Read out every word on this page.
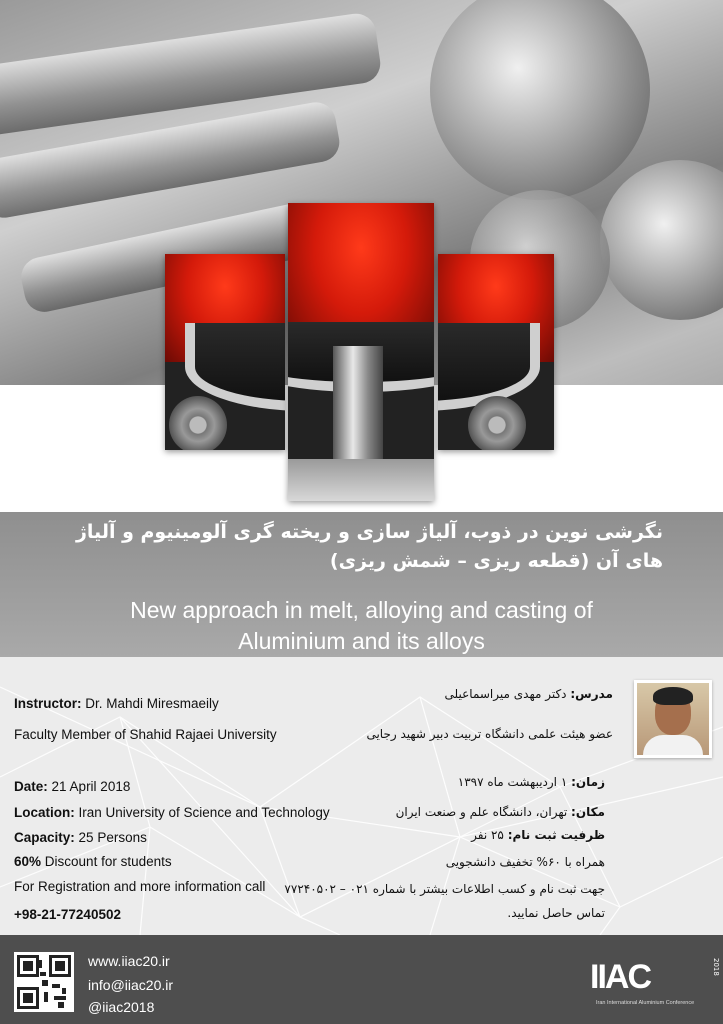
نگرشی نوین در ذوب، آلیاژ سازی و ریخته گری آلومینیوم و آلیاژ های آن (قطعه ریزی – شمش ریزی)
New approach in melt, alloying and casting of
Aluminium and its alloys
Instructor: Dr. Mahdi Miresmaeily
Faculty Member of Shahid Rajaei University
مدرس: دکتر مهدی میراسماعیلی
عضو هیئت علمی دانشگاه تربیت دبیر شهید رجایی
Date: 21 April 2018
Location: Iran University of Science and Technology
Capacity: 25 Persons
60% Discount for students
For Registration and more information call
+98-21-77240502
زمان: ۱ اردیبهشت ماه ۱۳۹۷
مکان: تهران، دانشگاه علم و صنعت ایران
ظرفیت ثبت نام: ۲۵ نفر
همراه با ۶۰% تخفیف دانشجویی
جهت ثبت نام و کسب اطلاعات بیشتر با شماره ۰۲۱ – ۷۷۲۴۰۵۰۲
تماس حاصل نمایید.
www.iiac20.ir
info@iiac20.ir
@iiac2018
IIAC	2018
Iran International Aluminium Conference
